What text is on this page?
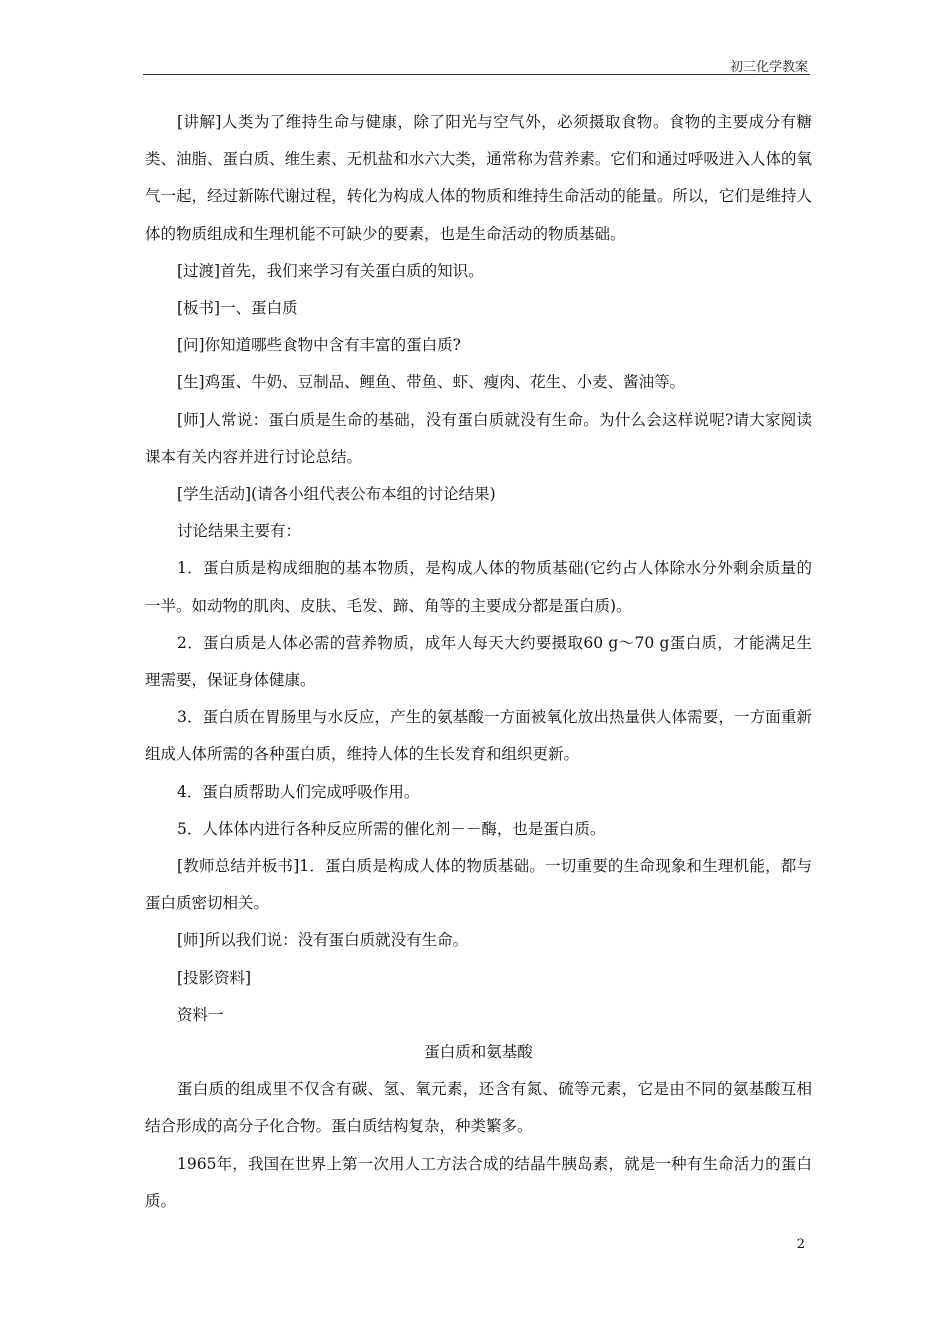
初三化学教案

[讲解]人类为了维持生命与健康，除了阳光与空气外，必须摄取食物。食物的主要成分有糖类、油脂、蛋白质、维生素、无机盐和水六大类，通常称为营养素。它们和通过呼吸进入人体的氧气一起，经过新陈代谢过程，转化为构成人体的物质和维持生命活动的能量。所以，它们是维持人体的物质组成和生理机能不可缺少的要素，也是生命活动的物质基础。

[过渡]首先，我们来学习有关蛋白质的知识。

[板书]一、蛋白质

[问]你知道哪些食物中含有丰富的蛋白质?

[生]鸡蛋、牛奶、豆制品、鲤鱼、带鱼、虾、瘦肉、花生、小麦、酱油等。

[师]人常说：蛋白质是生命的基础，没有蛋白质就没有生命。为什么会这样说呢?请大家阅读课本有关内容并进行讨论总结。

[学生活动](请各小组代表公布本组的讨论结果)

讨论结果主要有：

1．蛋白质是构成细胞的基本物质，是构成人体的物质基础(它约占人体除水分外剩余质量的一半。如动物的肌肉、皮肤、毛发、蹄、角等的主要成分都是蛋白质)。

2．蛋白质是人体必需的营养物质，成年人每天大约要摄取60 g～70 g蛋白质，才能满足生理需要，保证身体健康。

3．蛋白质在胃肠里与水反应，产生的氨基酸一方面被氧化放出热量供人体需要，一方面重新组成人体所需的各种蛋白质，维持人体的生长发育和组织更新。

4．蛋白质帮助人们完成呼吸作用。

5．人体体内进行各种反应所需的催化剂－－酶，也是蛋白质。

[教师总结并板书]1．蛋白质是构成人体的物质基础。一切重要的生命现象和生理机能，都与蛋白质密切相关。

[师]所以我们说：没有蛋白质就没有生命。

[投影资料]

资料一

蛋白质和氨基酸

蛋白质的组成里不仅含有碳、氢、氧元素，还含有氮、硫等元素，它是由不同的氨基酸互相结合形成的高分子化合物。蛋白质结构复杂，种类繁多。

1965年，我国在世界上第一次用人工方法合成的结晶牛胰岛素，就是一种有生命活力的蛋白质。

2
